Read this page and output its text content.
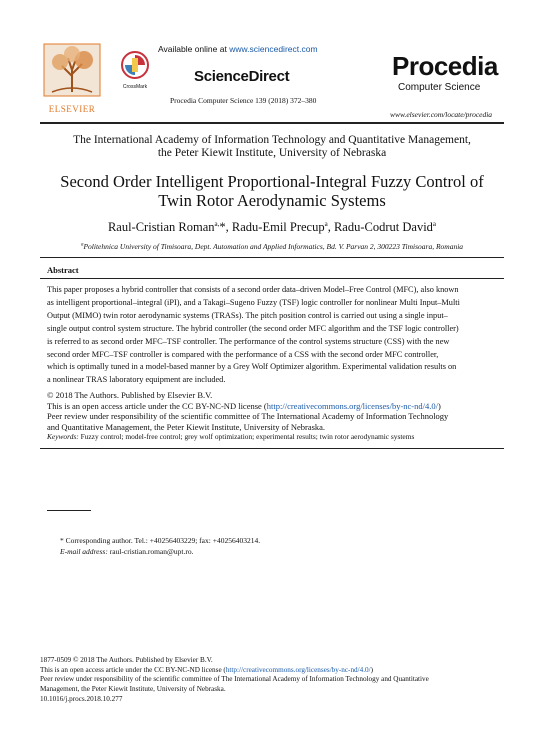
Available online at www.sciencedirect.com
ELSEVIER
CrossMark
ScienceDirect
Procedia Computer Science 139 (2018) 372–380
Procedia
Computer Science
www.elsevier.com/locate/procedia
The International Academy of Information Technology and Quantitative Management,
the Peter Kiewit Institute, University of Nebraska
Second Order Intelligent Proportional-Integral Fuzzy Control of
Twin Rotor Aerodynamic Systems
Raul-Cristian Roman$^{a,}$*, Radu-Emil Precup$^a$, Radu-Codrut David$^a$
$^a$Politehnica University of Timisoara, Dept. Automation and Applied Informatics, Bd. V. Parvan 2, 300223 Timisoara, Romania
Abstract
This paper proposes a hybrid controller that consists of a second order data–driven Model–Free Control (MFC), also known
as intelligent proportional–integral (iPI), and a Takagi–Sugeno Fuzzy (TSF) logic controller for nonlinear Multi Input–Multi
Output (MIMO) twin rotor aerodynamic systems (TRASs). The pitch position control is carried out using a single input–
single output control system structure. The hybrid controller (the second order MFC algorithm and the TSF logic controller)
is referred to as second order MFC–TSF controller. The performance of the control systems structure (CSS) with the new
second order MFC–TSF controller is compared with the performance of a CSS with the second order MFC controller,
which is optimally tuned in a model-based manner by a Grey Wolf Optimizer algorithm. Experimental validation results on
a nonlinear TRAS laboratory equipment are included.
© 2018 The Authors. Published by Elsevier B.V.
This is an open access article under the CC BY-NC-ND license (http://creativecommons.org/licenses/by-nc-nd/4.0/)
Peer review under responsibility of the scientific committee of The International Academy of Information Technology
and Quantitative Management, the Peter Kiewit Institute, University of Nebraska.
Keywords: Fuzzy control; model-free control; grey wolf optimization; experimental results; twin rotor aerodynamic systems
* Corresponding author. Tel.: +40256403229; fax: +40256403214.
E-mail address: raul-cristian.roman@upt.ro.
1877-0509 © 2018 The Authors. Published by Elsevier B.V.
This is an open access article under the CC BY-NC-ND license (http://creativecommons.org/licenses/by-nc-nd/4.0/)
Peer review under responsibility of the scientific committee of The International Academy of Information Technology and Quantitative
Management, the Peter Kiewit Institute, University of Nebraska.
10.1016/j.procs.2018.10.277
